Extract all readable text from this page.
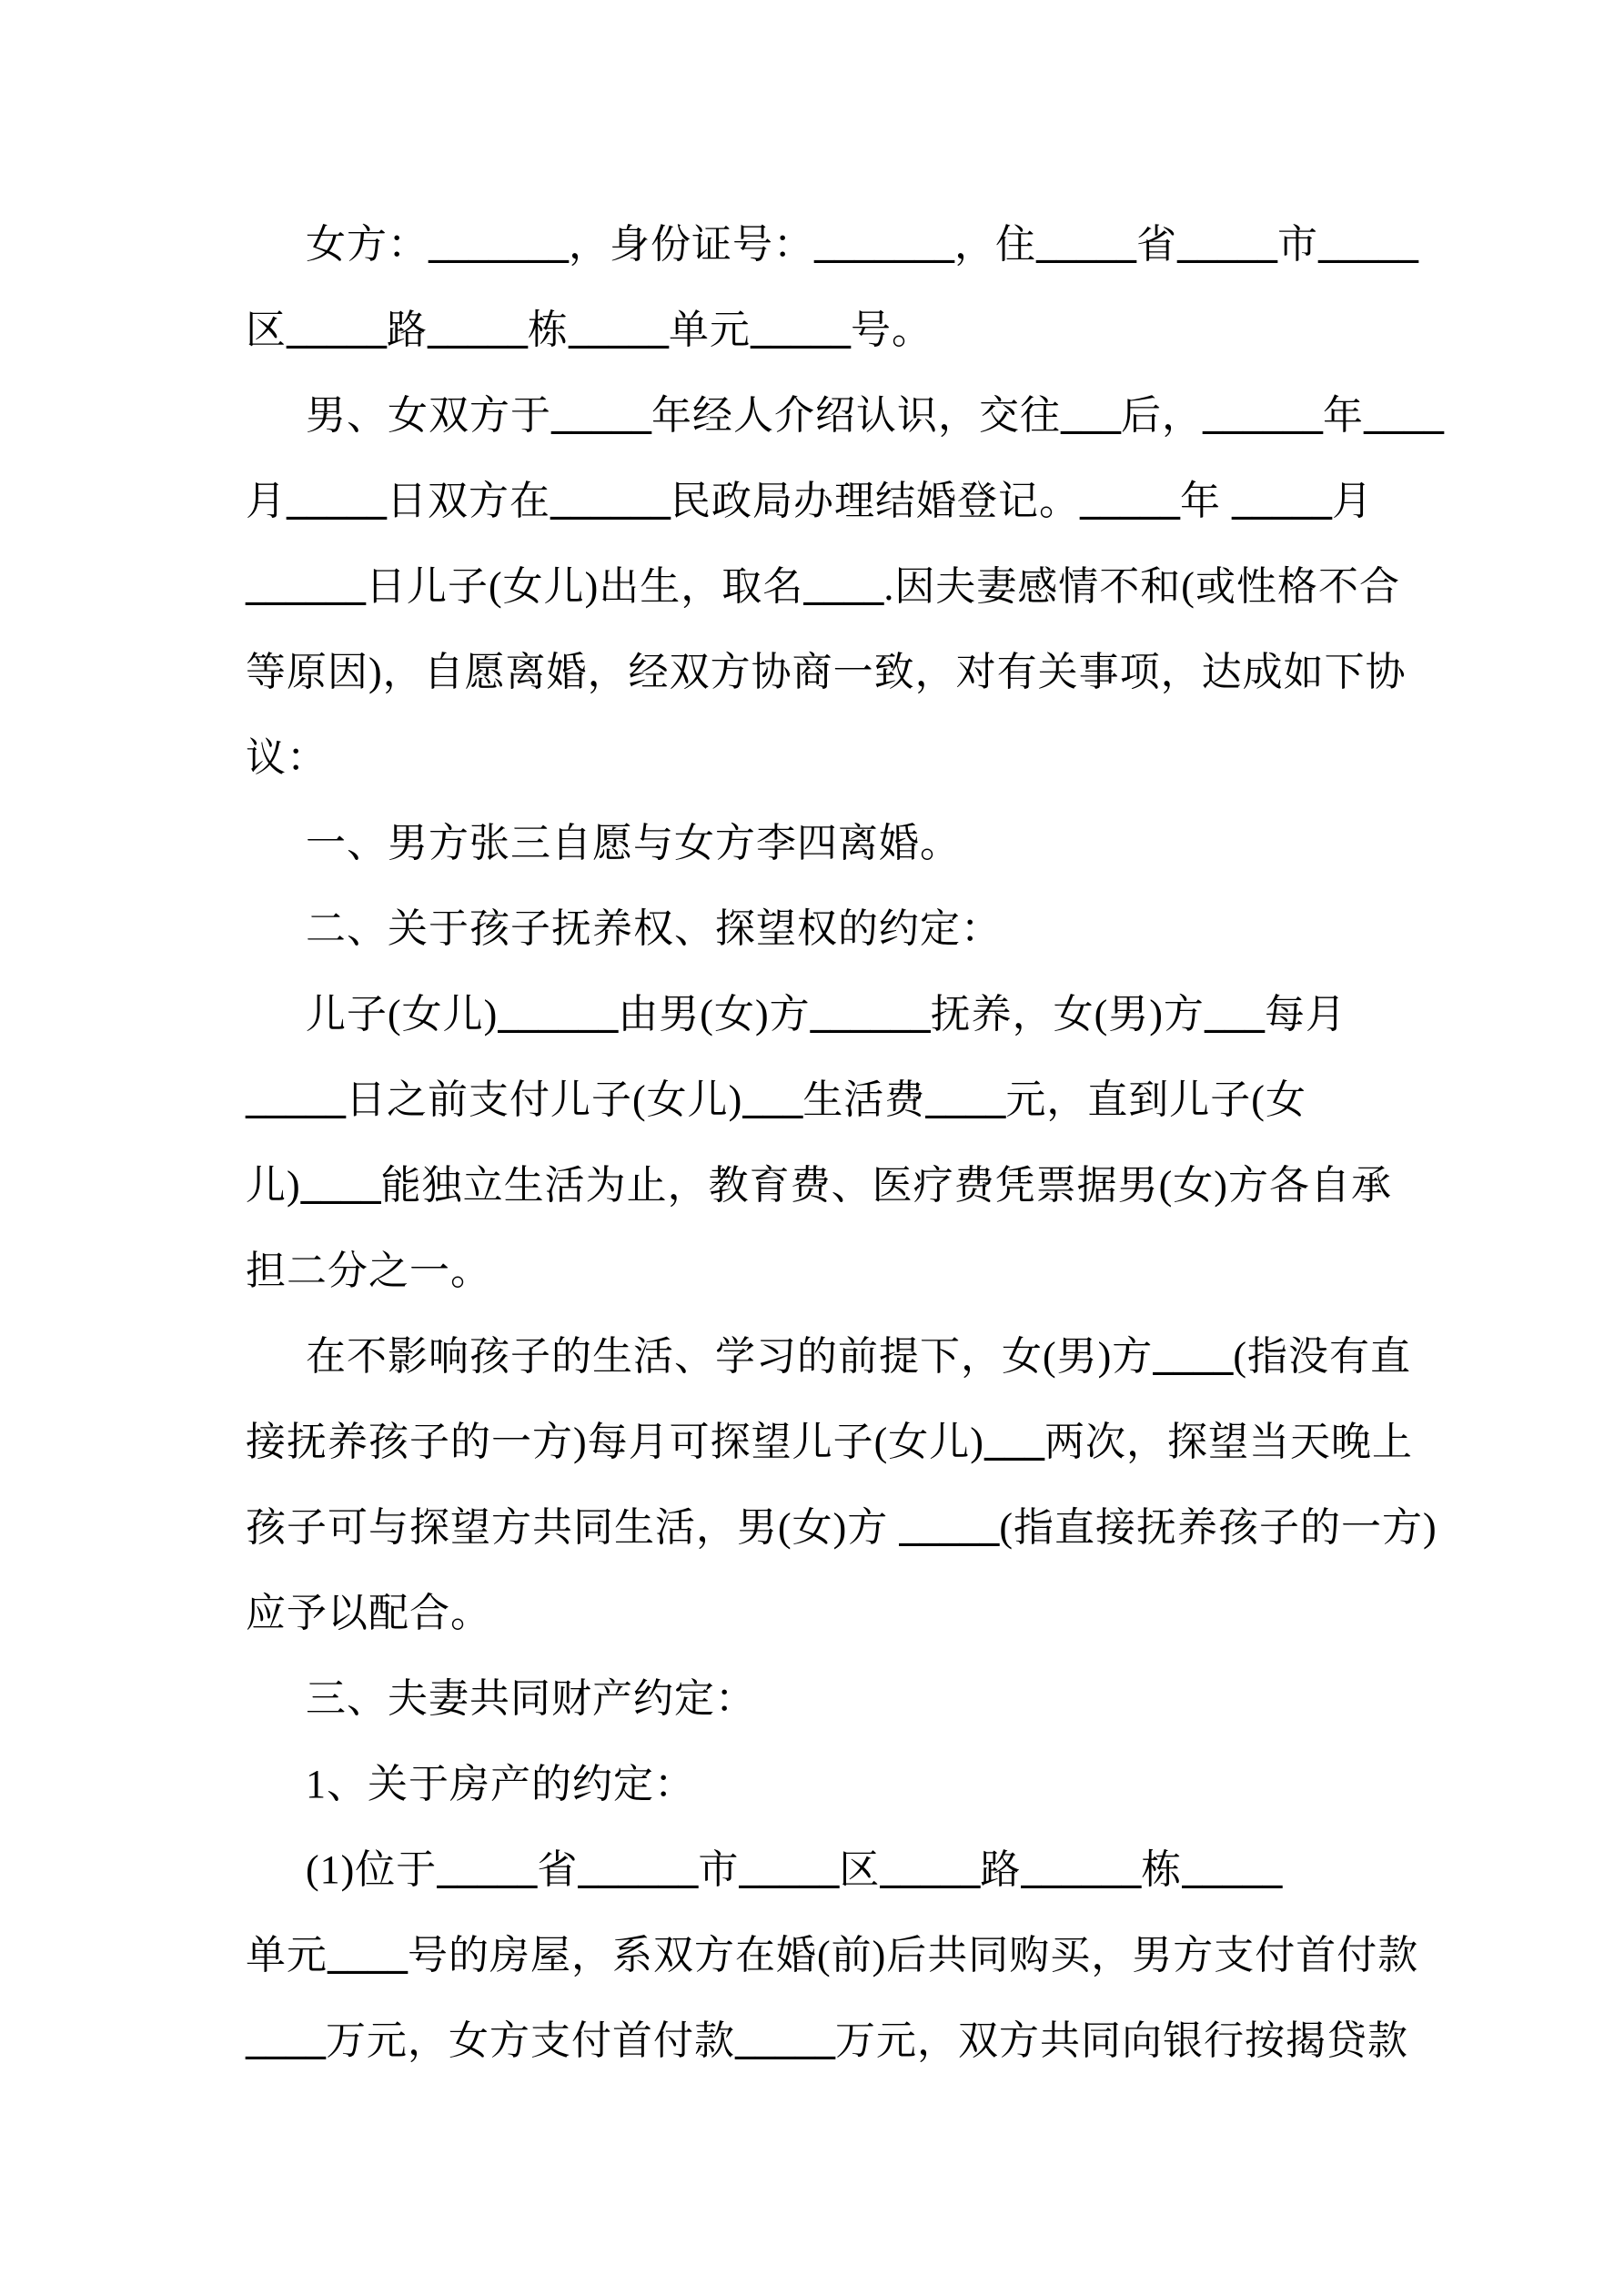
女方：_______，身份证号：_______，住_____省_____市_____
区_____路_____栋_____单元_____号。
男、女双方于_____年经人介绍认识，交往___后，______年____
月_____日双方在______民政局办理结婚登记。_____年 _____月
______日儿子(女儿)出生，取名____.因夫妻感情不和(或性格不合
等原因)，自愿离婚，经双方协商一致，对有关事项，达成如下协
议：
一、男方张三自愿与女方李四离婚。
二、关于孩子抚养权、探望权的约定：
儿子(女儿)______由男(女)方______抚养，女(男)方___每月
_____日之前支付儿子(女儿)___生活费____元，直到儿子(女
儿)____能独立生活为止，教育费、医疗费凭票据男(女)方各自承
担二分之一。
在不影响孩子的生活、学习的前提下，女(男)方____(指没有直
接抚养孩子的一方)每月可探望儿子(女儿)___两次，探望当天晚上
孩子可与探望方共同生活，男(女)方 _____(指直接抚养孩子的一方)
应予以配合。
三、夫妻共同财产约定：
1、关于房产的约定：
(1)位于_____省______市_____区_____路______栋_____
单元____号的房屋，系双方在婚(前)后共同购买，男方支付首付款
____万元，女方支付首付款_____万元，双方共同向银行按揭贷款
